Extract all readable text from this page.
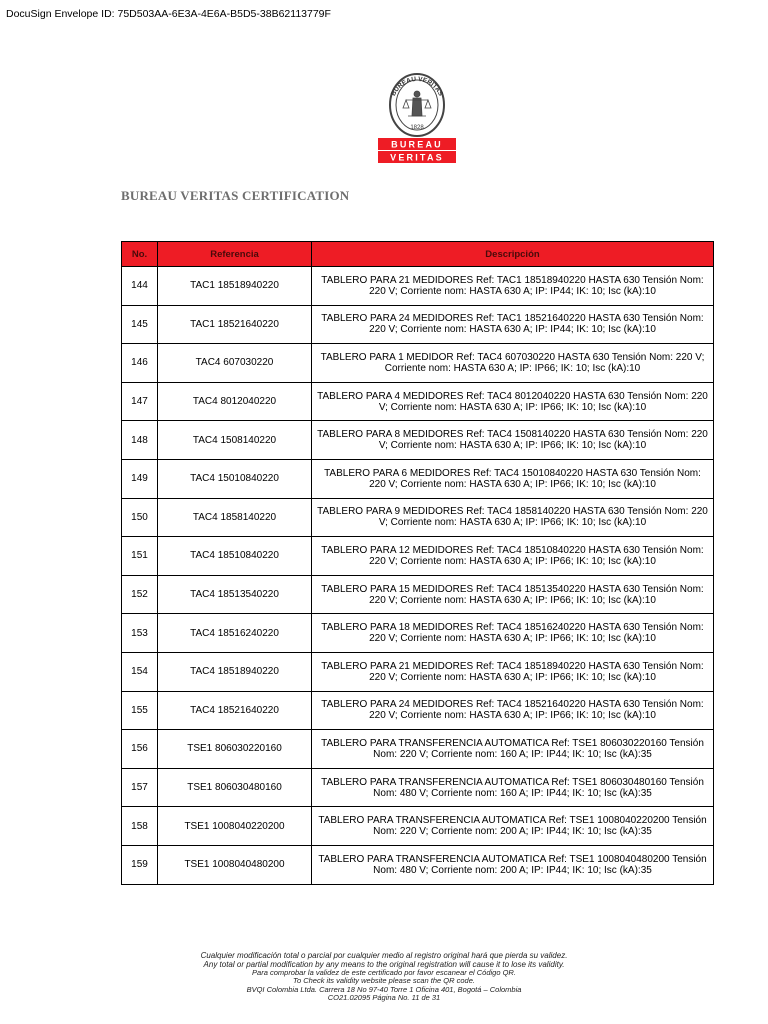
DocuSign Envelope ID: 75D503AA-6E3A-4E6A-B5D5-38B62113779F
BUREAU VERITAS
1828
BUREAU
VERITAS
BUREAU VERITAS CERTIFICATION
No.	Referencia	Descripción
144	TAC1 18518940220	TABLERO PARA 21 MEDIDORES Ref: TAC1 18518940220 HASTA 630 Tensión Nom: 220 V; Corriente nom: HASTA 630 A; IP: IP44; IK: 10; Isc (kA):10
145	TAC1 18521640220	TABLERO PARA 24 MEDIDORES Ref: TAC1 18521640220 HASTA 630 Tensión Nom: 220 V; Corriente nom: HASTA 630 A; IP: IP44; IK: 10; Isc (kA):10
146	TAC4 607030220	TABLERO PARA 1 MEDIDOR Ref: TAC4 607030220 HASTA 630 Tensión Nom: 220 V; Corriente nom: HASTA 630 A; IP: IP66; IK: 10; Isc (kA):10
147	TAC4 8012040220	TABLERO PARA 4 MEDIDORES Ref: TAC4 8012040220 HASTA 630 Tensión Nom: 220 V; Corriente nom: HASTA 630 A; IP: IP66; IK: 10; Isc (kA):10
148	TAC4 1508140220	TABLERO PARA 8 MEDIDORES Ref: TAC4 1508140220 HASTA 630 Tensión Nom: 220 V; Corriente nom: HASTA 630 A; IP: IP66; IK: 10; Isc (kA):10
149	TAC4 15010840220	TABLERO PARA 6 MEDIDORES Ref: TAC4 15010840220 HASTA 630 Tensión Nom: 220 V; Corriente nom: HASTA 630 A; IP: IP66; IK: 10; Isc (kA):10
150	TAC4 1858140220	TABLERO PARA 9 MEDIDORES Ref: TAC4 1858140220 HASTA 630 Tensión Nom: 220 V; Corriente nom: HASTA 630 A; IP: IP66; IK: 10; Isc (kA):10
151	TAC4 18510840220	TABLERO PARA 12 MEDIDORES Ref: TAC4 18510840220 HASTA 630 Tensión Nom: 220 V; Corriente nom: HASTA 630 A; IP: IP66; IK: 10; Isc (kA):10
152	TAC4 18513540220	TABLERO PARA 15 MEDIDORES Ref: TAC4 18513540220 HASTA 630 Tensión Nom: 220 V; Corriente nom: HASTA 630 A; IP: IP66; IK: 10; Isc (kA):10
153	TAC4 18516240220	TABLERO PARA 18 MEDIDORES Ref: TAC4 18516240220 HASTA 630 Tensión Nom: 220 V; Corriente nom: HASTA 630 A; IP: IP66; IK: 10; Isc (kA):10
154	TAC4 18518940220	TABLERO PARA 21 MEDIDORES Ref: TAC4 18518940220 HASTA 630 Tensión Nom: 220 V; Corriente nom: HASTA 630 A; IP: IP66; IK: 10; Isc (kA):10
155	TAC4 18521640220	TABLERO PARA 24 MEDIDORES Ref: TAC4 18521640220 HASTA 630 Tensión Nom: 220 V; Corriente nom: HASTA 630 A; IP: IP66; IK: 10; Isc (kA):10
156	TSE1 806030220160	TABLERO PARA TRANSFERENCIA AUTOMATICA Ref: TSE1 806030220160 Tensión Nom: 220 V; Corriente nom: 160 A; IP: IP44; IK: 10; Isc (kA):35
157	TSE1 806030480160	TABLERO PARA TRANSFERENCIA AUTOMATICA Ref: TSE1 806030480160 Tensión Nom: 480 V; Corriente nom: 160 A; IP: IP44; IK: 10; Isc (kA):35
158	TSE1 1008040220200	TABLERO PARA TRANSFERENCIA AUTOMATICA Ref: TSE1 1008040220200 Tensión Nom: 220 V; Corriente nom: 200 A; IP: IP44; IK: 10; Isc (kA):35
159	TSE1 1008040480200	TABLERO PARA TRANSFERENCIA AUTOMATICA Ref: TSE1 1008040480200 Tensión Nom: 480 V; Corriente nom: 200 A; IP: IP44; IK: 10; Isc (kA):35
Cualquier modificación total o parcial por cualquier medio al registro original hará que pierda su validez.
Any total or partial modification by any means to the original registration will cause it to lose its validity.
Para comprobar la validez de este certificado por favor escanear el Código QR.
To Check its validity website please scan the QR code.
BVQI Colombia Ltda. Carrera 18 No 97-40 Torre 1 Oficina 401, Bogotá – Colombia
CO21.02095 Página No. 11 de 31
